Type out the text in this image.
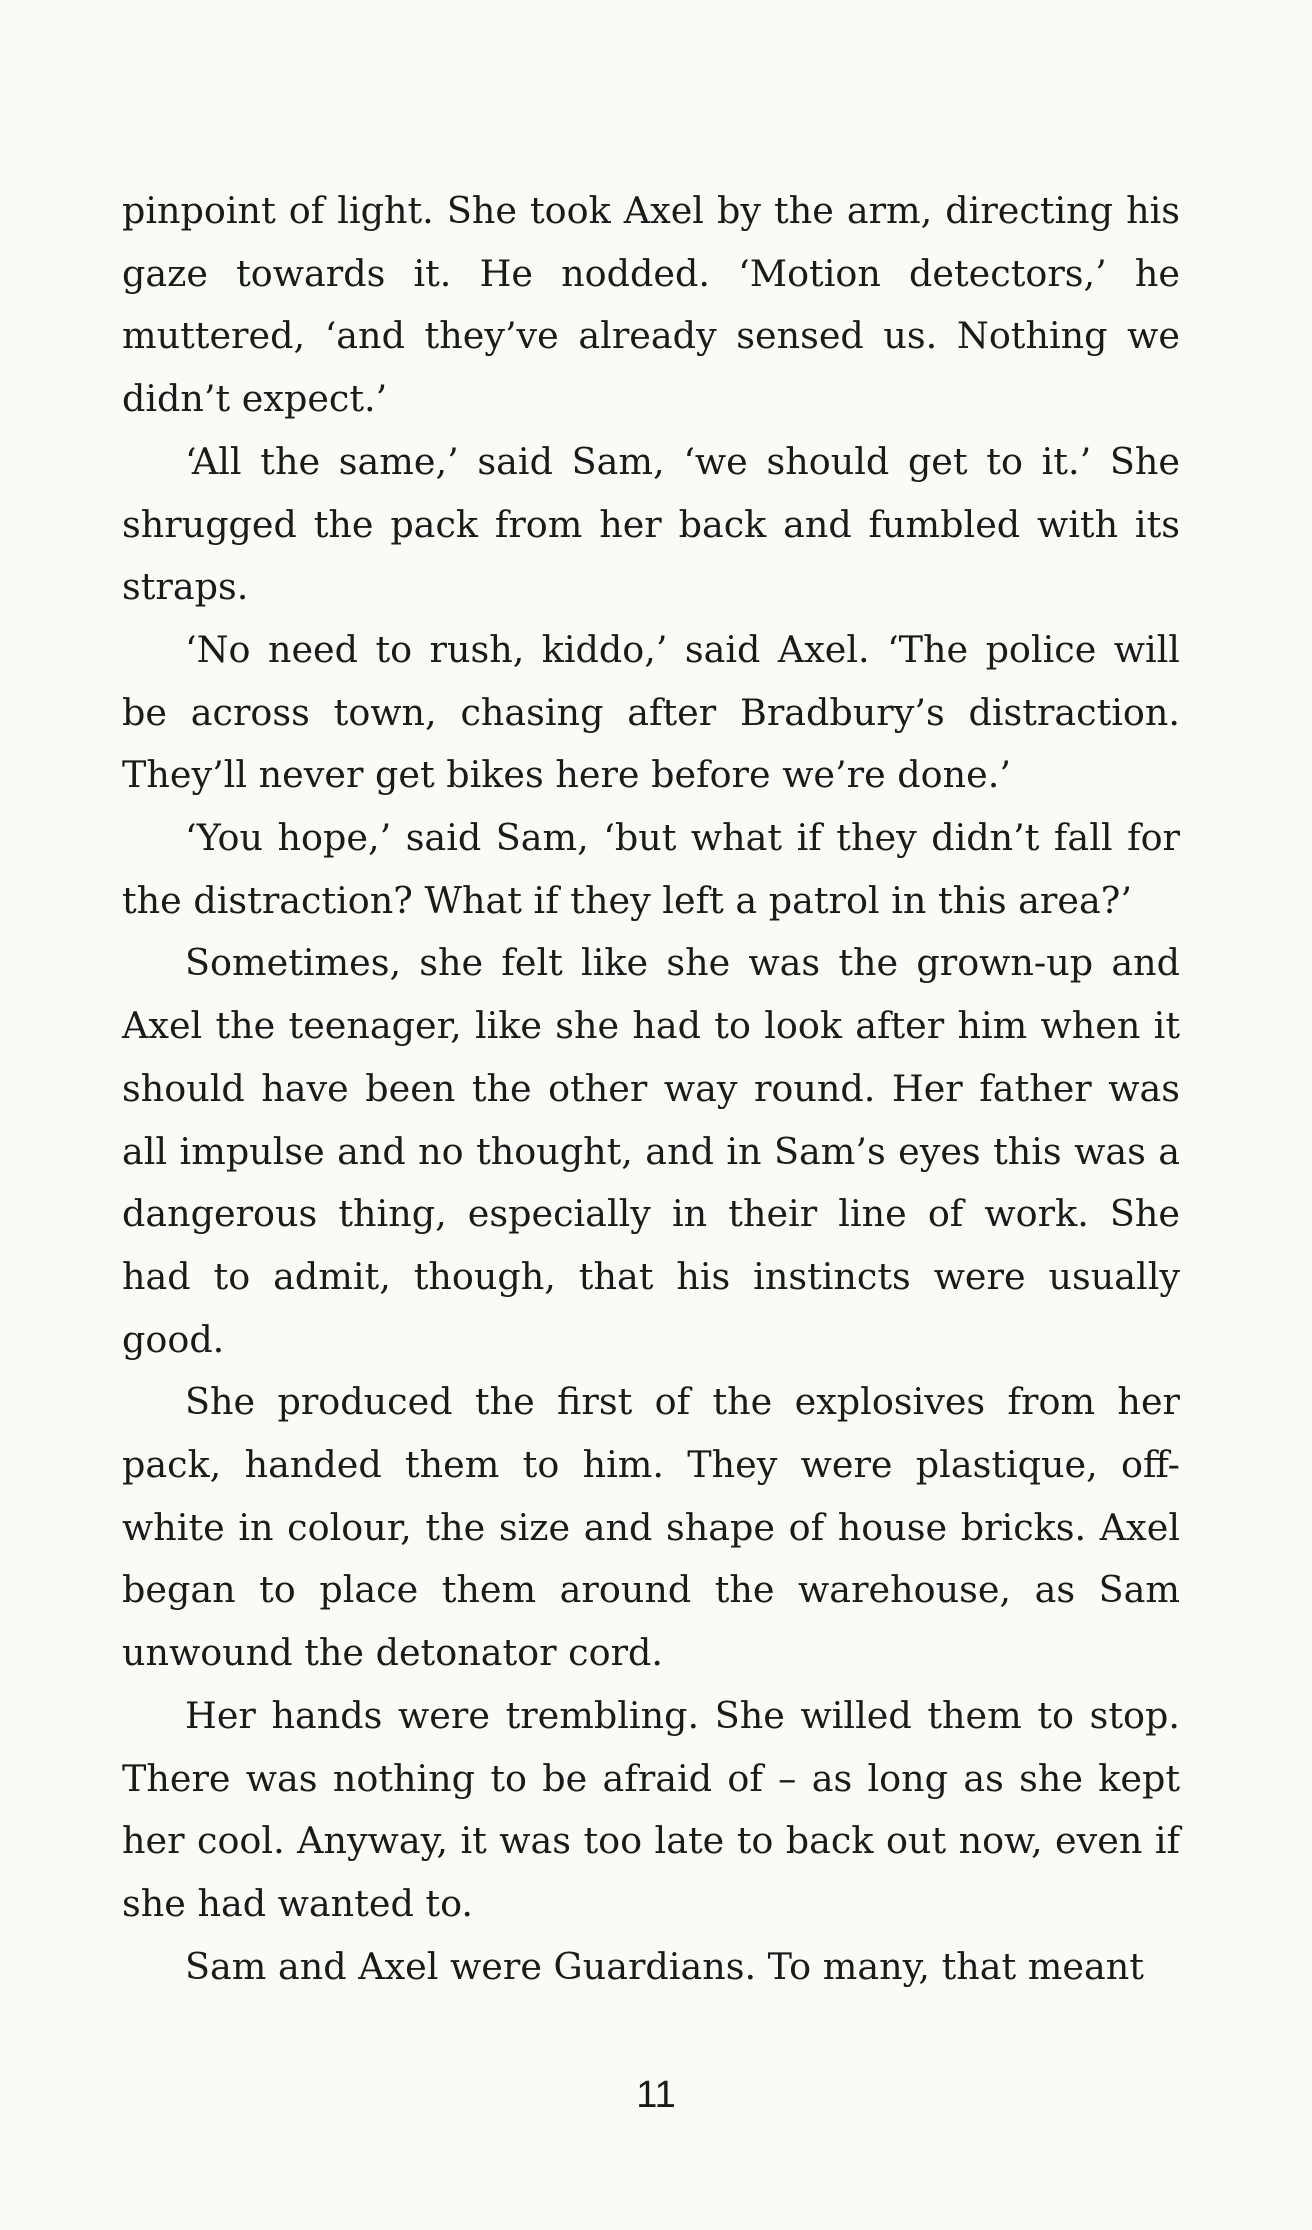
pinpoint of light. She took Axel by the arm, directing his gaze towards it. He nodded. ‘Motion detectors,’ he muttered, ‘and they’ve already sensed us. Nothing we didn’t expect.’

‘All the same,’ said Sam, ‘we should get to it.’ She shrugged the pack from her back and fumbled with its straps.

‘No need to rush, kiddo,’ said Axel. ‘The police will be across town, chasing after Bradbury’s distraction. They’ll never get bikes here before we’re done.’

‘You hope,’ said Sam, ‘but what if they didn’t fall for the distraction? What if they left a patrol in this area?’

Sometimes, she felt like she was the grown-up and Axel the teenager, like she had to look after him when it should have been the other way round. Her father was all impulse and no thought, and in Sam’s eyes this was a dangerous thing, especially in their line of work. She had to admit, though, that his instincts were usually good.

She produced the first of the explosives from her pack, handed them to him. They were plastique, off-white in colour, the size and shape of house bricks. Axel began to place them around the warehouse, as Sam unwound the detonator cord.

Her hands were trembling. She willed them to stop. There was nothing to be afraid of – as long as she kept her cool. Anyway, it was too late to back out now, even if she had wanted to.

Sam and Axel were Guardians. To many, that meant

11
